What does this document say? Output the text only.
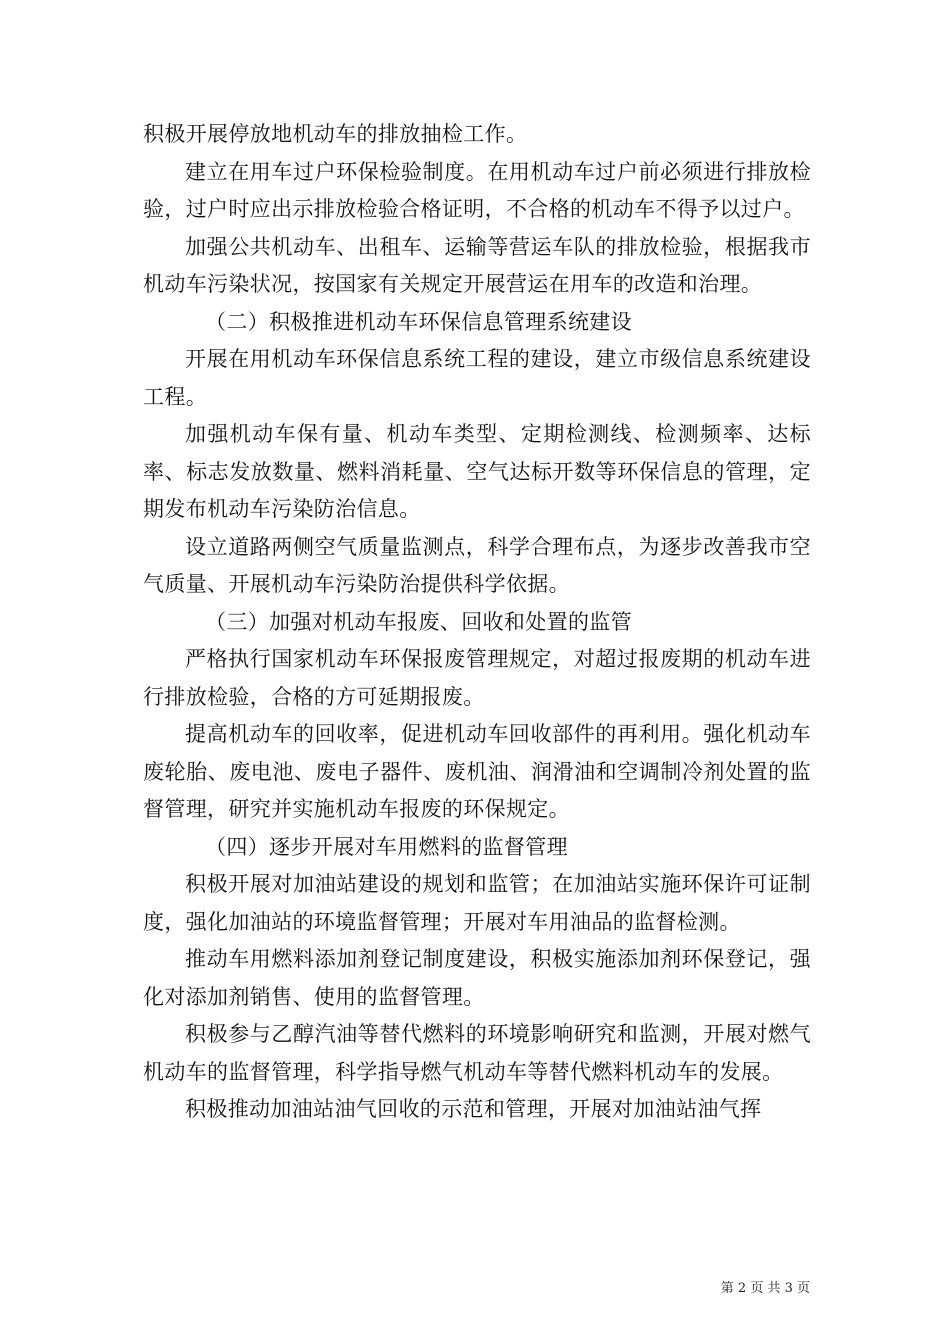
积极开展停放地机动车的排放抽检工作。

建立在用车过户环保检验制度。在用机动车过户前必须进行排放检验，过户时应出示排放检验合格证明，不合格的机动车不得予以过户。

加强公共机动车、出租车、运输等营运车队的排放检验，根据我市机动车污染状况，按国家有关规定开展营运在用车的改造和治理。

（二）积极推进机动车环保信息管理系统建设

开展在用机动车环保信息系统工程的建设，建立市级信息系统建设工程。

加强机动车保有量、机动车类型、定期检测线、检测频率、达标率、标志发放数量、燃料消耗量、空气达标开数等环保信息的管理，定期发布机动车污染防治信息。

设立道路两侧空气质量监测点，科学合理布点，为逐步改善我市空气质量、开展机动车污染防治提供科学依据。

（三）加强对机动车报废、回收和处置的监管

严格执行国家机动车环保报废管理规定，对超过报废期的机动车进行排放检验，合格的方可延期报废。

提高机动车的回收率，促进机动车回收部件的再利用。强化机动车废轮胎、废电池、废电子器件、废机油、润滑油和空调制冷剂处置的监督管理，研究并实施机动车报废的环保规定。

（四）逐步开展对车用燃料的监督管理

积极开展对加油站建设的规划和监管；在加油站实施环保许可证制度，强化加油站的环境监督管理；开展对车用油品的监督检测。

推动车用燃料添加剂登记制度建设，积极实施添加剂环保登记，强化对添加剂销售、使用的监督管理。

积极参与乙醇汽油等替代燃料的环境影响研究和监测，开展对燃气机动车的监督管理，科学指导燃气机动车等替代燃料机动车的发展。

积极推动加油站油气回收的示范和管理，开展对加油站油气挥

第 2 页 共 3 页
